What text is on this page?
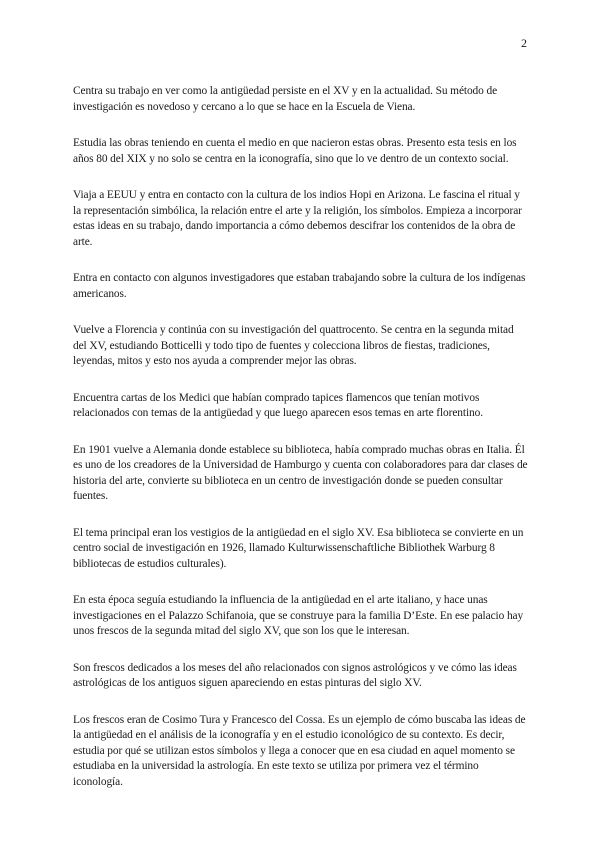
2

Centra su trabajo en ver como la antigüedad persiste en el XV y en la actualidad. Su método de investigación es novedoso y cercano a lo que se hace en la Escuela de Viena.

Estudia las obras teniendo en cuenta el medio en que nacieron estas obras. Presento esta tesis en los años 80 del XIX y no solo se centra en la iconografía, sino que lo ve dentro de un contexto social.

Viaja a EEUU y entra en contacto con la cultura de los indios Hopi en Arizona. Le fascina el ritual y la representación simbólica, la relación entre el arte y la religión, los símbolos. Empieza a incorporar estas ideas en su trabajo, dando importancia a cómo debemos descifrar los contenidos de la obra de arte.

Entra en contacto con algunos investigadores que estaban trabajando sobre la cultura de los indígenas americanos.

Vuelve a Florencia y continúa con su investigación del quattrocento. Se centra en la segunda mitad del XV, estudiando Botticelli y todo tipo de fuentes y colecciona libros de fiestas, tradiciones, leyendas, mitos y esto nos ayuda a comprender mejor las obras.

Encuentra cartas de los Medici que habían comprado tapices flamencos que tenían motivos relacionados con temas de la antigüedad y que luego aparecen esos temas en arte florentino.

En 1901 vuelve a Alemania donde establece su biblioteca, había comprado muchas obras en Italia. Él es uno de los creadores de la Universidad de Hamburgo y cuenta con colaboradores para dar clases de historia del arte, convierte su biblioteca en un centro de investigación donde se pueden consultar fuentes.

El tema principal eran los vestigios de la antigüedad en el siglo XV. Esa biblioteca se convierte en un centro social de investigación en 1926, llamado Kulturwissenschaftliche Bibliothek Warburg 8 bibliotecas de estudios culturales).

En esta época seguía estudiando la influencia de la antigüedad en el arte italiano, y hace unas investigaciones en el Palazzo Schifanoia, que se construye para la familia D’Este. En ese palacio hay unos frescos de la segunda mitad del siglo XV, que son los que le interesan.

Son frescos dedicados a los meses del año relacionados con signos astrológicos y ve cómo las ideas astrológicas de los antiguos siguen apareciendo en estas pinturas del siglo XV.

Los frescos eran de Cosimo Tura y Francesco del Cossa. Es un ejemplo de cómo buscaba las ideas de la antigüedad en el análisis de la iconografía y en el estudio iconológico de su contexto. Es decir, estudia por qué se utilizan estos símbolos y llega a conocer que en esa ciudad en aquel momento se estudiaba en la universidad la astrología. En este texto se utiliza por primera vez el término iconología.
